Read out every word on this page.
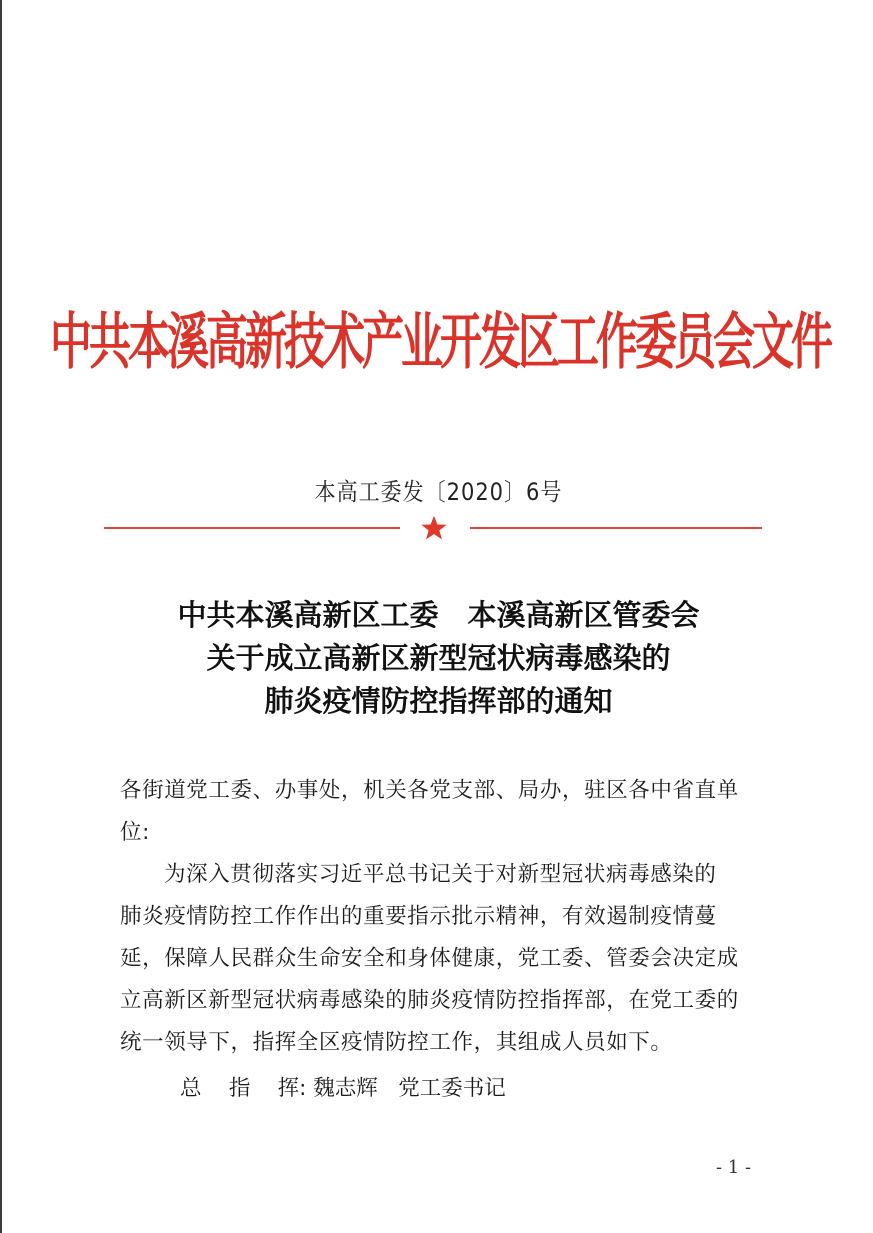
中共本溪高新技术产业开发区工作委员会文件
本高工委发〔2020〕6号
中共本溪高新区工委　本溪高新区管委会
关于成立高新区新型冠状病毒感染的
肺炎疫情防控指挥部的通知
各街道党工委、办事处，机关各党支部、局办，驻区各中省直单
位:
为深入贯彻落实习近平总书记关于对新型冠状病毒感染的
肺炎疫情防控工作作出的重要指示批示精神，有效遏制疫情蔓
延，保障人民群众生命安全和身体健康，党工委、管委会决定成
立高新区新型冠状病毒感染的肺炎疫情防控指挥部，在党工委的
统一领导下，指挥全区疫情防控工作，其组成人员如下。
总    指    挥: 魏志辉   党工委书记
- 1 -
